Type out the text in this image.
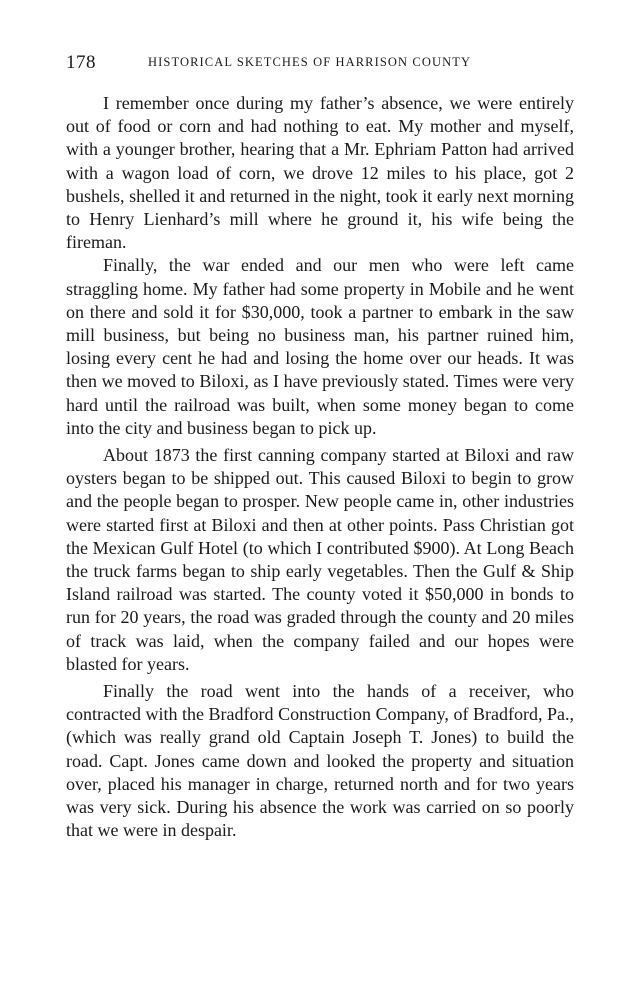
178	HISTORICAL SKETCHES OF HARRISON COUNTY

I remember once during my father’s absence, we were entirely out of food or corn and had nothing to eat. My mother and myself, with a younger brother, hearing that a Mr. Ephriam Patton had arrived with a wagon load of corn, we drove 12 miles to his place, got 2 bushels, shelled it and returned in the night, took it early next morning to Henry Lienhard’s mill where he ground it, his wife being the fireman.

Finally, the war ended and our men who were left came straggling home. My father had some property in Mobile and he went on there and sold it for $30,000, took a partner to embark in the saw mill business, but being no business man, his partner ruined him, losing every cent he had and losing the home over our heads. It was then we moved to Biloxi, as I have previously stated. Times were very hard until the railroad was built, when some money began to come into the city and business began to pick up.

About 1873 the first canning company started at Biloxi and raw oysters began to be shipped out. This caused Biloxi to begin to grow and the people began to prosper. New people came in, other industries were started first at Biloxi and then at other points. Pass Christian got the Mexican Gulf Hotel (to which I contributed $900). At Long Beach the truck farms began to ship early vegetables. Then the Gulf & Ship Island railroad was started. The county voted it $50,000 in bonds to run for 20 years, the road was graded through the county and 20 miles of track was laid, when the company failed and our hopes were blasted for years.

Finally the road went into the hands of a receiver, who contracted with the Bradford Construction Company, of Bradford, Pa., (which was really grand old Captain Joseph T. Jones) to build the road. Capt. Jones came down and looked the property and situation over, placed his manager in charge, returned north and for two years was very sick. During his absence the work was carried on so poorly that we were in despair.
